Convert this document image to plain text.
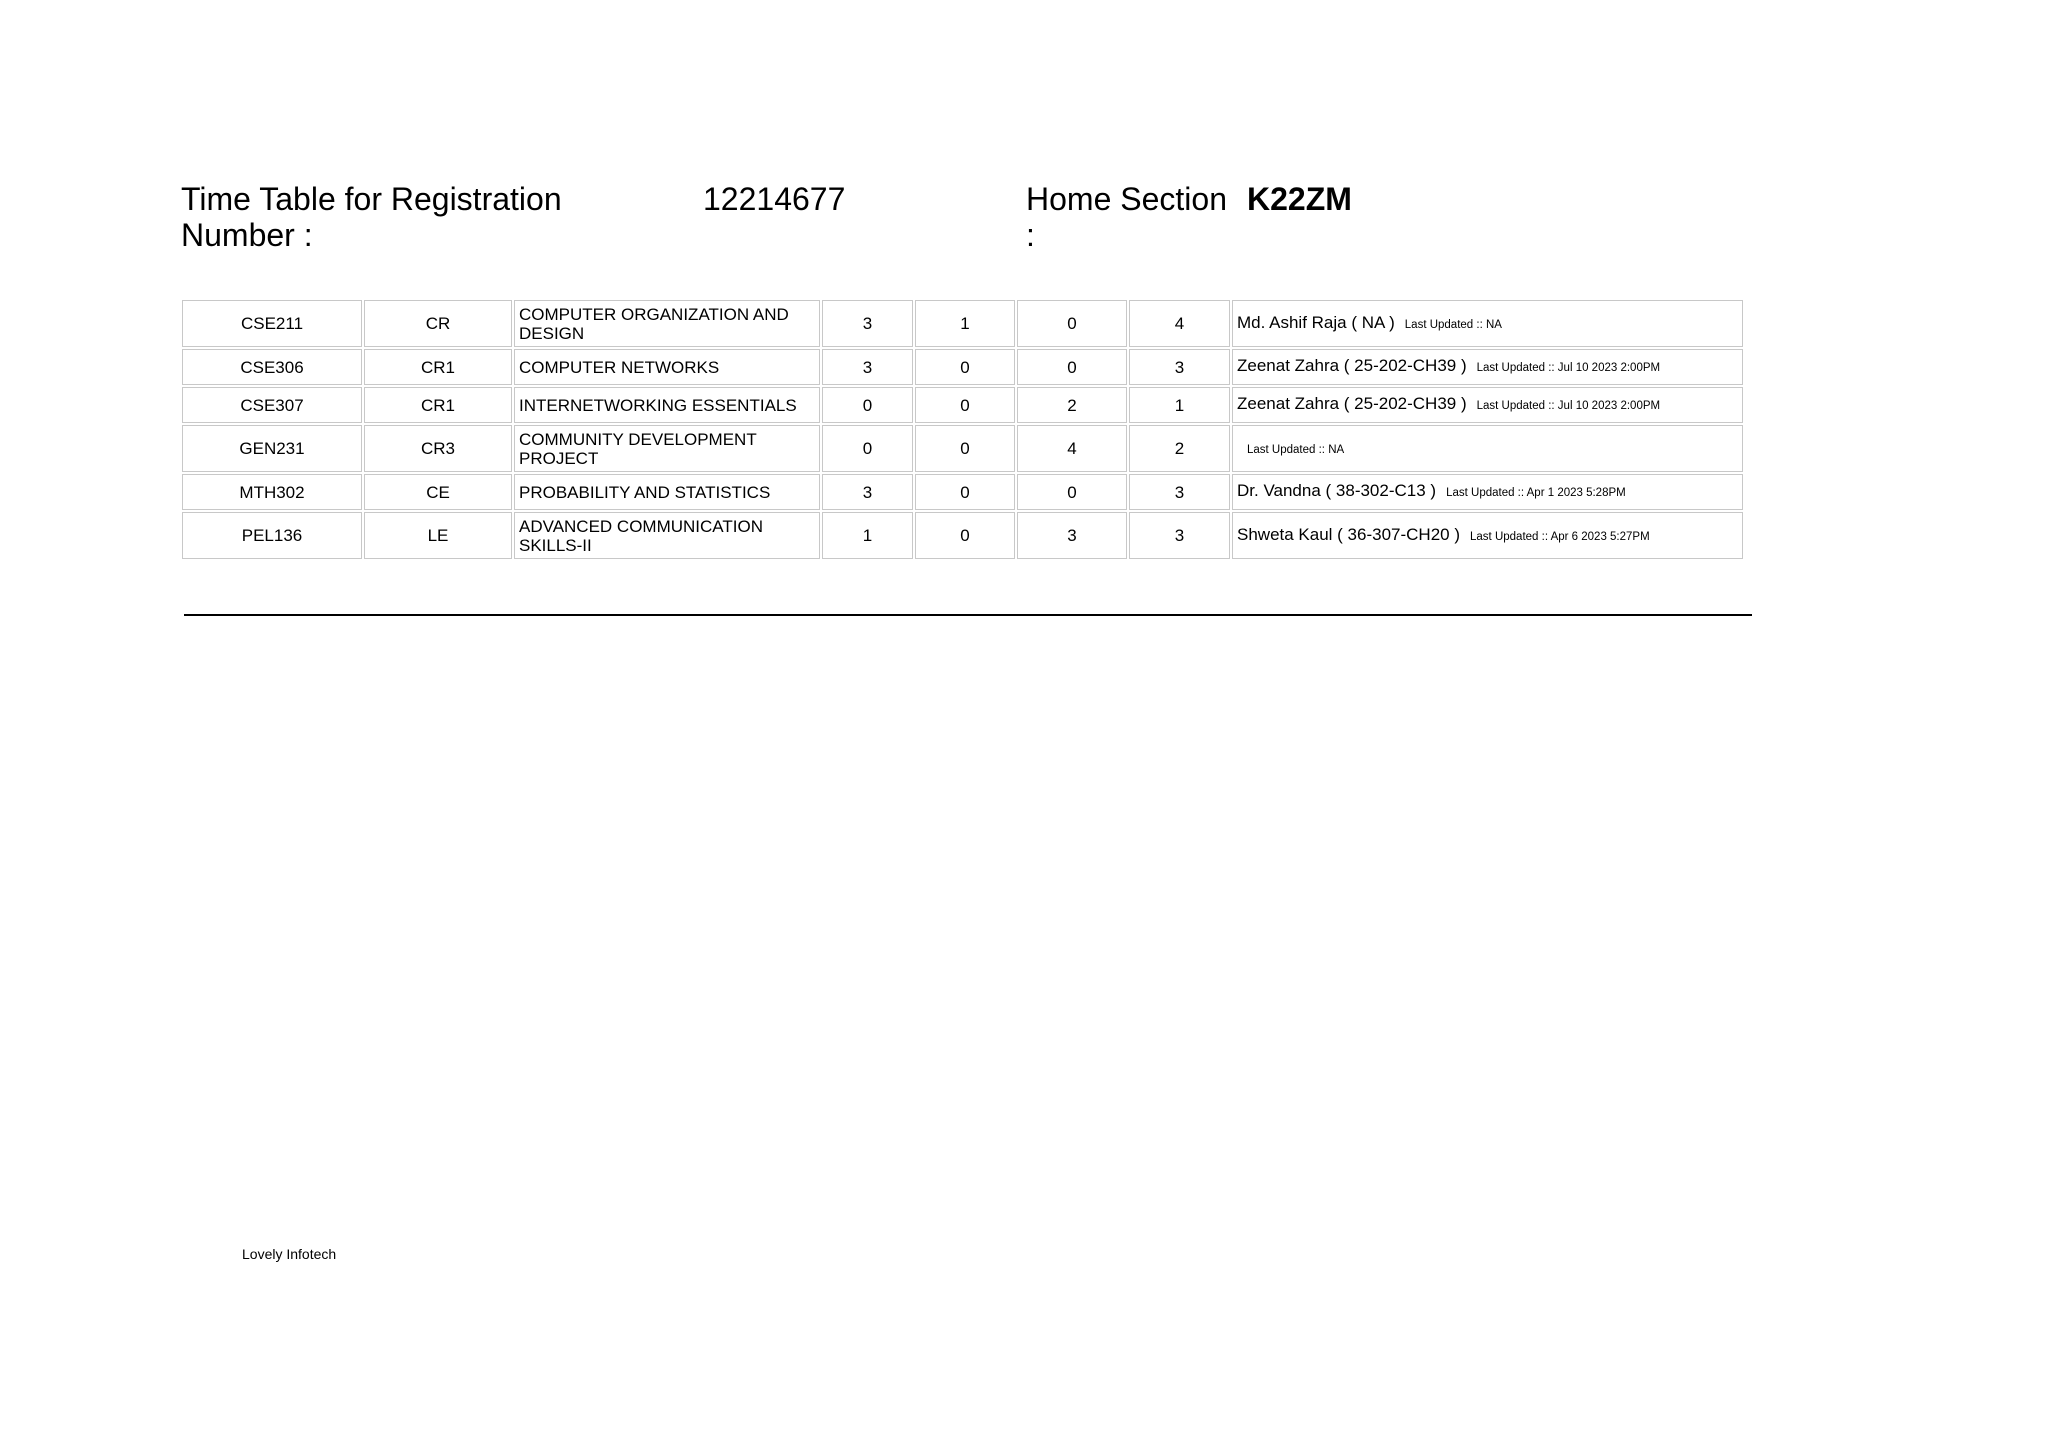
Time Table for Registration Number :
12214677	Home Section :
K22ZM
CSE211	CR	COMPUTER ORGANIZATION AND DESIGN	3	1	0	4	Md. Ashif Raja ( NA ) Last Updated :: NA
CSE306	CR1	COMPUTER NETWORKS	3	0	0	3	Zeenat Zahra ( 25-202-CH39 ) Last Updated :: Jul 10 2023 2:00PM
CSE307	CR1	INTERNETWORKING ESSENTIALS	0	0	2	1	Zeenat Zahra ( 25-202-CH39 ) Last Updated :: Jul 10 2023 2:00PM
GEN231	CR3	COMMUNITY DEVELOPMENT PROJECT	0	0	4	2	Last Updated :: NA
MTH302	CE	PROBABILITY AND STATISTICS	3	0	0	3	Dr. Vandna ( 38-302-C13 ) Last Updated :: Apr 1 2023 5:28PM
PEL136	LE	ADVANCED COMMUNICATION SKILLS-II	1	0	3	3	Shweta Kaul ( 36-307-CH20 ) Last Updated :: Apr 6 2023 5:27PM
Lovely Infotech
